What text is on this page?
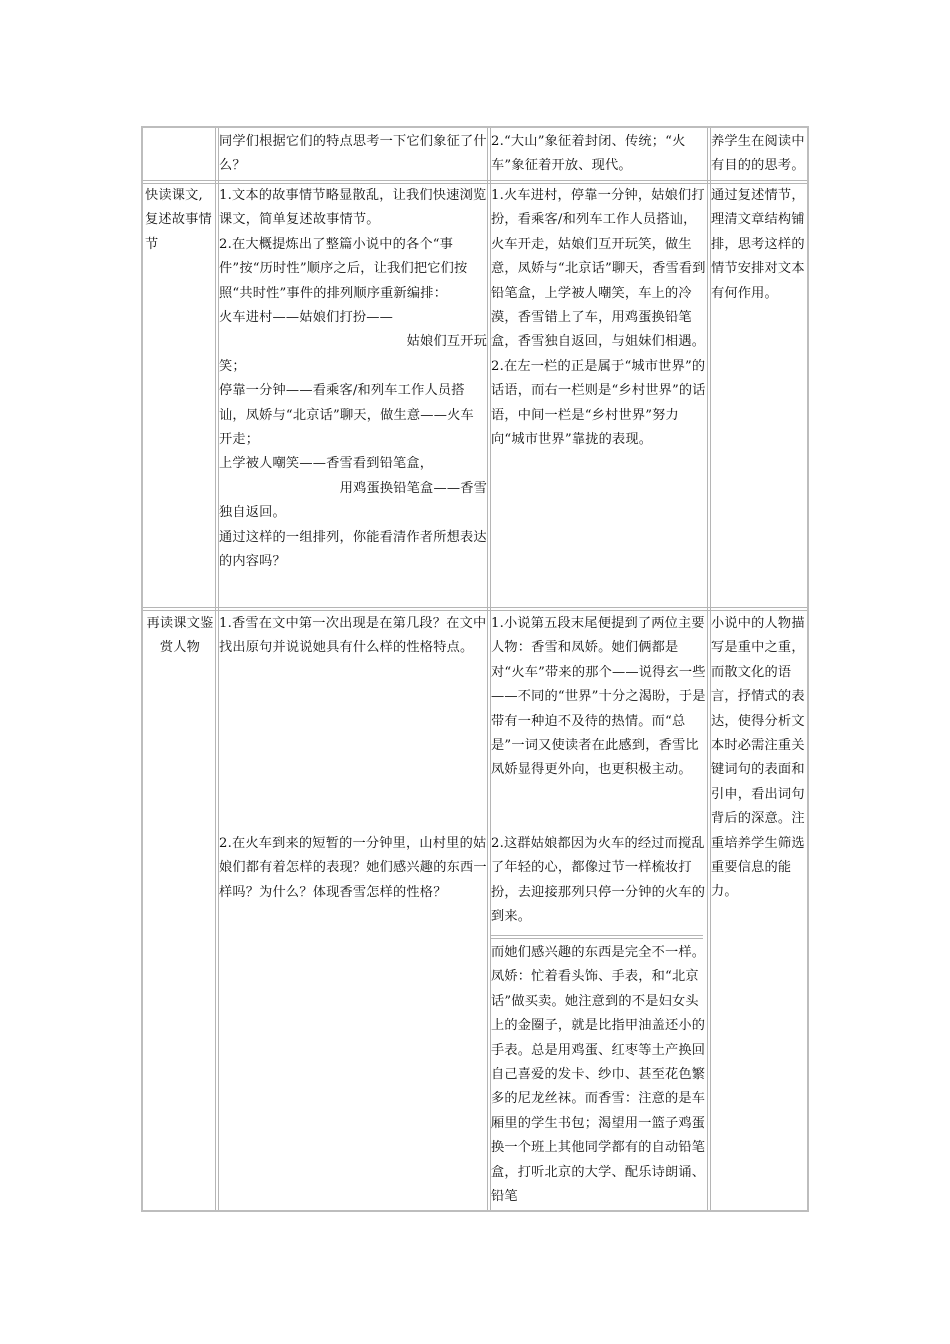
同学们根据它们的特点思考一下它们象征了什么？

2.“大山”象征着封闭、传统；“火车”象征着开放、现代。

养学生在阅读中有目的的思考。

快读课文,复述故事情节

1.文本的故事情节略显散乱，让我们快速浏览课文，简单复述故事情节。

2.在大概提炼出了整篇小说中的各个“事件”按“历时性”顺序之后，让我们把它们按照“共时性”事件的排列顺序重新编排：

火车进村——姑娘们打扮——

姑娘们互开玩

笑；

停靠一分钟——看乘客/和列车工作人员搭讪，凤娇与“北京话”聊天，做生意——火车开走；

上学被人嘲笑——香雪看到铅笔盒，

用鸡蛋换铅笔盒——香雪

独自返回。

通过这样的一组排列，你能看清作者所想表达的内容吗？

1.火车进村，停靠一分钟，姑娘们打扮，看乘客/和列车工作人员搭讪，火车开走，姑娘们互开玩笑，做生意，凤娇与“北京话”聊天，香雪看到铅笔盒，上学被人嘲笑，车上的冷漠，香雪错上了车，用鸡蛋换铅笔盒，香雪独自返回，与姐妹们相遇。

2.在左一栏的正是属于“城市世界”的话语，而右一栏则是“乡村世界”的话语，中间一栏是“乡村世界”努力向“城市世界”靠拢的表现。

通过复述情节，理清文章结构铺排，思考这样的情节安排对文本有何作用。

再读课文鉴赏人物

1.香雪在文中第一次出现是在第几段？在文中找出原句并说说她具有什么样的性格特点。

2.在火车到来的短暂的一分钟里，山村里的姑娘们都有着怎样的表现？她们感兴趣的东西一样吗？为什么？体现香雪怎样的性格？

1.小说第五段末尾便提到了两位主要人物：香雪和凤娇。她们俩都是对“火车”带来的那个——说得玄一些——不同的“世界”十分之渴盼，于是带有一种迫不及待的热情。而“总是”一词又使读者在此感到，香雪比凤娇显得更外向，也更积极主动。

2.这群姑娘都因为火车的经过而搅乱了年轻的心，都像过节一样梳妆打扮，去迎接那列只停一分钟的火车的到来。

而她们感兴趣的东西是完全不一样。凤娇：忙着看头饰、手表，和“北京话”做买卖。她注意到的不是妇女头上的金圈子，就是比指甲油盖还小的手表。总是用鸡蛋、红枣等土产换回自己喜爱的发卡、纱巾、甚至花色繁多的尼龙丝袜。而香雪：注意的是车厢里的学生书包；渴望用一篮子鸡蛋换一个班上其他同学都有的自动铅笔盒，打听北京的大学、配乐诗朗诵、铅笔

小说中的人物描写是重中之重，而散文化的语言，抒情式的表达，使得分析文本时必需注重关键词句的表面和引申，看出词句背后的深意。注重培养学生筛选重要信息的能力。
